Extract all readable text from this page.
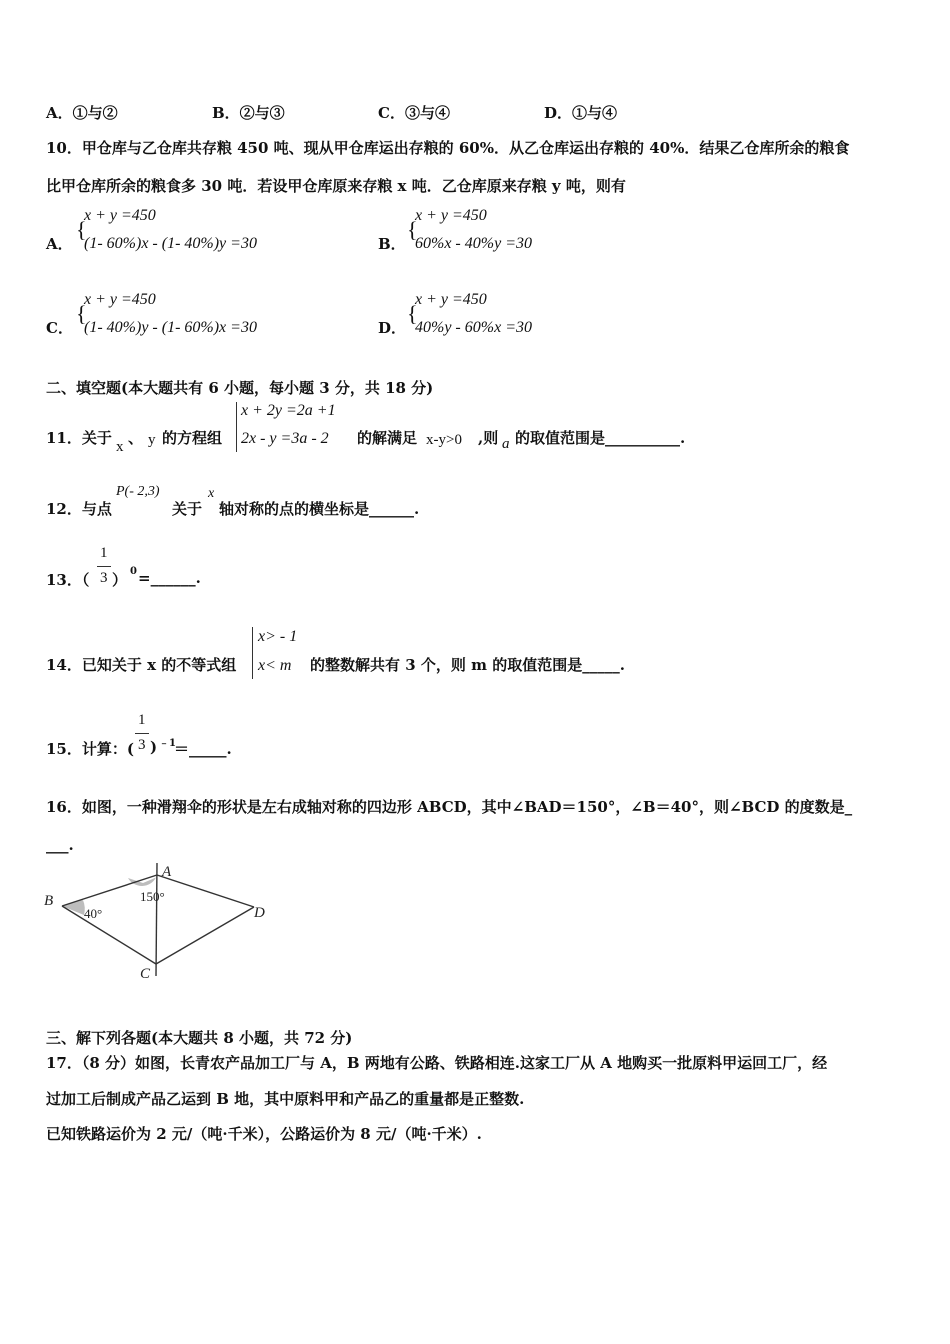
A．①与②	B．②与③	C．③与④	D．①与④
10．甲仓库与乙仓库共存粮 450 吨、现从甲仓库运出存粮的 60%．从乙仓库运出存粮的 40%．结果乙仓库所余的粮食
比甲仓库所余的粮食多 30 吨．若设甲仓库原来存粮 x 吨．乙仓库原来存粮 y 吨，则有
A．
{
x + y =450
(1- 60%)x - (1- 40%)y =30	B．
{
x + y =450
60%x - 40%y =30
C．
{
x + y =450
(1- 40%)y - (1- 60%)x =30	D．
{
x + y =450
40%y - 60%x =30
二、填空题(本大题共有 6 小题，每小题 3 分，共 18 分)
11．关于 x 、 y 的方程组
x + 2y =2a +1
2x - y =3a - 2 的解满足 x-y>0 ,则 a 的取值范围是__________.
12．与点
P(- 2,3)
关于
x
轴对称的点的横坐标是______.
13．（
1
3 ） 0 =______.
14．已知关于 x 的不等式组
x> - 1
x< m 的整数解共有 3 个，则 m 的取值范围是_____.
15．计算：(
1
3 ) ﹣1
＝_____.
16．如图，一种滑翔伞的形状是左右成轴对称的四边形 ABCD，其中∠BAD＝150°，∠B＝40°，则∠BCD 的度数是_
___.
B
A
D
C
150°
40°
三、解下列各题(本大题共 8 小题，共 72 分)
17．（8 分）如图，长青农产品加工厂与 A，B 两地有公路、铁路相连.这家工厂从 A 地购买一批原料甲运回工厂，经
过加工后制成产品乙运到 B 地，其中原料甲和产品乙的重量都是正整数.
已知铁路运价为 2 元/（吨·千米），公路运价为 8 元/（吨·千米）.
